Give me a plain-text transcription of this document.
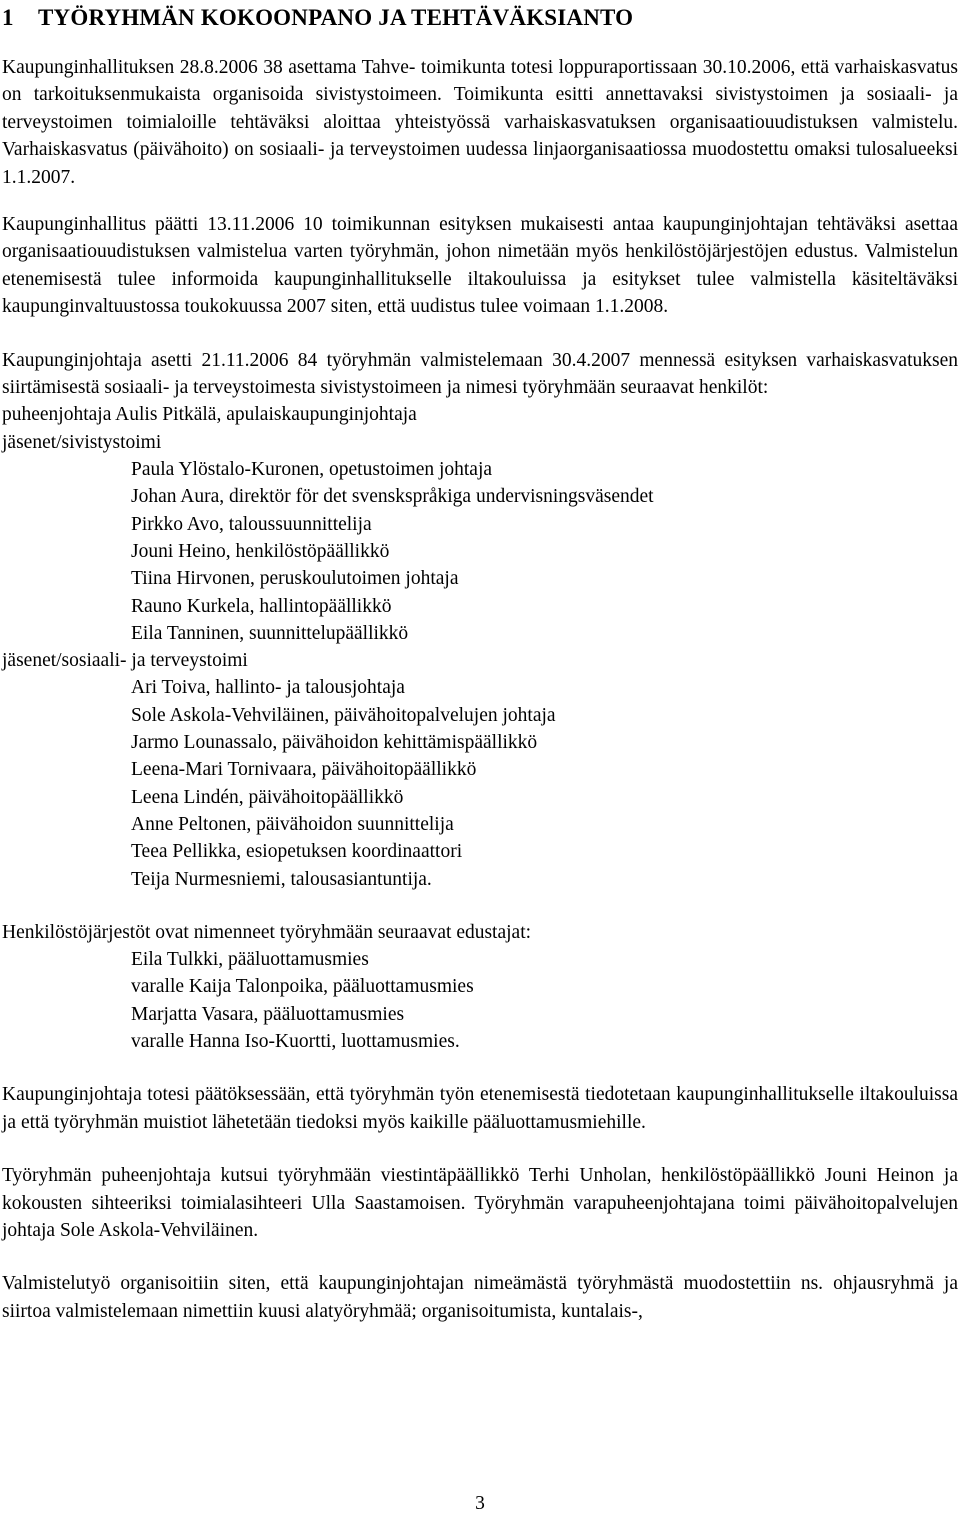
1 TYÖRYHMÄN KOKOONPANO JA TEHTÄVÄKSIANTO

Kaupunginhallituksen 28.8.2006 38 asettama Tahve- toimikunta totesi loppuraportissaan 30.10.2006, että varhaiskasvatus on tarkoituksenmukaista organisoida sivistystoimeen. Toimikunta esitti annettavaksi sivistystoimen ja sosiaali- ja terveystoimen toimialoille tehtäväksi aloittaa yhteistyössä varhaiskasvatuksen organisaatiouudistuksen valmistelu. Varhaiskasvatus (päivähoito) on sosiaali- ja terveystoimen uudessa linjaorganisaatiossa muodostettu omaksi tulosalueeksi 1.1.2007.

Kaupunginhallitus päätti 13.11.2006 10 toimikunnan esityksen mukaisesti antaa kaupunginjohtajan tehtäväksi asettaa organisaatiouudistuksen valmistelua varten työryhmän, johon nimetään myös henkilöstöjärjestöjen edustus. Valmistelun etenemisestä tulee informoida kaupunginhallitukselle iltakouluissa ja esitykset tulee valmistella käsiteltäväksi kaupunginvaltuustossa toukokuussa 2007 siten, että uudistus tulee voimaan 1.1.2008.

Kaupunginjohtaja asetti 21.11.2006 84 työryhmän valmistelemaan 30.4.2007 mennessä esityksen varhaiskasvatuksen siirtämisestä sosiaali- ja terveystoimesta sivistystoimeen ja nimesi työryhmään seuraavat henkilöt:

puheenjohtaja Aulis Pitkälä, apulaiskaupunginjohtaja
jäsenet/sivistystoimi
Paula Ylöstalo-Kuronen, opetustoimen johtaja
Johan Aura, direktör för det svenskspråkiga undervisningsväsendet
Pirkko Avo, taloussuunnittelija
Jouni Heino, henkilöstöpäällikkö
Tiina Hirvonen, peruskoulutoimen johtaja
Rauno Kurkela, hallintopäällikkö
Eila Tanninen, suunnittelupäällikkö
jäsenet/sosiaali- ja terveystoimi
Ari Toiva, hallinto- ja talousjohtaja
Sole Askola-Vehviläinen, päivähoitopalvelujen johtaja
Jarmo Lounassalo, päivähoidon kehittämispäällikkö
Leena-Mari Tornivaara, päivähoitopäällikkö
Leena Lindén, päivähoitopäällikkö
Anne Peltonen, päivähoidon suunnittelija
Teea Pellikka, esiopetuksen koordinaattori
Teija Nurmesniemi, talousasiantuntija.
Henkilöstöjärjestöt ovat nimenneet työryhmään seuraavat edustajat:
Eila Tulkki, pääluottamusmies
varalle Kaija Talonpoika, pääluottamusmies
Marjatta Vasara, pääluottamusmies
varalle Hanna Iso-Kuortti, luottamusmies.

Kaupunginjohtaja totesi päätöksessään, että työryhmän työn etenemisestä tiedotetaan kaupunginhallitukselle iltakouluissa ja että työryhmän muistiot lähetetään tiedoksi myös kaikille pääluottamusmiehille.

Työryhmän puheenjohtaja kutsui työryhmään viestintäpäällikkö Terhi Unholan, henkilöstöpäällikkö Jouni Heinon ja kokousten sihteeriksi toimialasihteeri Ulla Saastamoisen. Työryhmän varapuheenjohtajana toimi päivähoitopalvelujen johtaja Sole Askola-Vehviläinen.

Valmistelutyö organisoitiin siten, että kaupunginjohtajan nimeämästä työryhmästä muodostettiin ns. ohjausryhmä ja siirtoa valmistelemaan nimettiin kuusi alatyöryhmää; organisoitumista, kuntalais-,

3
